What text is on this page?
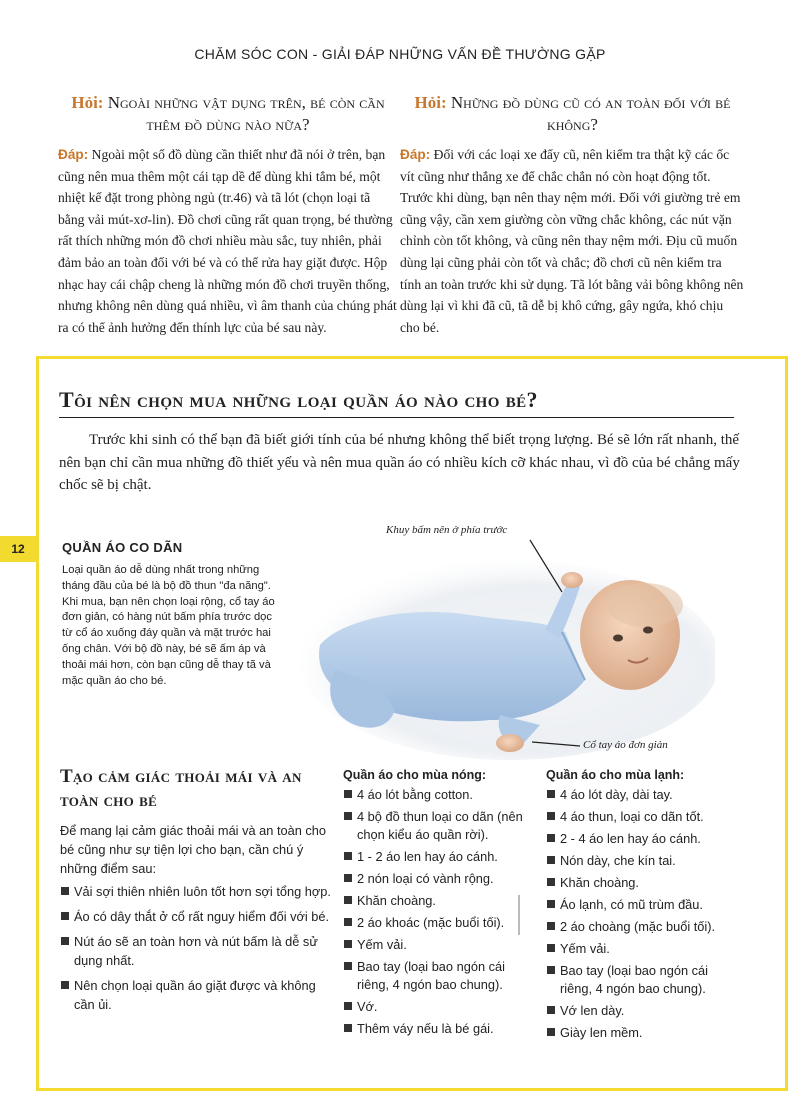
CHĂM SÓC CON - GIẢI ĐÁP NHỮNG VẤN ĐỀ THƯỜNG GẶP
Hỏi: Ngoài những vật dụng trên, bé còn cần thêm đồ dùng nào nữa?

Đáp: Ngoài một số đồ dùng cần thiết như đã nói ở trên, bạn cũng nên mua thêm một cái tạp dề để dùng khi tắm bé, một nhiệt kế đặt trong phòng ngủ (tr.46) và tã lót (chọn loại tã bằng vải mút-xơ-lin). Đồ chơi cũng rất quan trọng, bé thường rất thích những món đồ chơi nhiều màu sắc, tuy nhiên, phải đảm bảo an toàn đối với bé và có thể rửa hay giặt được. Hộp nhạc hay cái chập cheng là những món đồ chơi truyền thống, nhưng không nên dùng quá nhiều, vì âm thanh của chúng phát ra có thể ảnh hưởng đến thính lực của bé sau này.

Hỏi: Những đồ dùng cũ có an toàn đối với bé không?

Đáp: Đối với các loại xe đẩy cũ, nên kiểm tra thật kỹ các ốc vít cũng như thắng xe để chắc chắn nó còn hoạt động tốt. Trước khi dùng, bạn nên thay nệm mới. Đối với giường trẻ em cũng vậy, cần xem giường còn vững chắc không, các nút vặn chỉnh còn tốt không, và cũng nên thay nệm mới. Địu cũ muốn dùng lại cũng phải còn tốt và chắc; đồ chơi cũ nên kiểm tra tính an toàn trước khi sử dụng. Tã lót bằng vải bông không nên dùng lại vì khi đã cũ, tã dễ bị khô cứng, gây ngứa, khó chịu cho bé.

12
Tôi nên chọn mua những loại quần áo nào cho bé?

Trước khi sinh có thể bạn đã biết giới tính của bé nhưng không thể biết trọng lượng. Bé sẽ lớn rất nhanh, thế nên bạn chỉ cần mua những đồ thiết yếu và nên mua quần áo có nhiều kích cỡ khác nhau, vì đồ của bé chẳng mấy chốc sẽ bị chật.

QUẦN ÁO CO DÃN

Loại quần áo dễ dùng nhất trong những tháng đầu của bé là bộ đồ thun "đa năng". Khi mua, bạn nên chọn loại rộng, cổ tay áo đơn giản, có hàng nút bấm phía trước dọc từ cổ áo xuống đáy quần và mặt trước hai ống chân. Với bộ đồ này, bé sẽ ấm áp và thoải mái hơn, còn bạn cũng dễ thay tã và mặc quần áo cho bé.

Khuy bấm nên ở phía trước
Cổ tay áo đơn giản
Tạo cảm giác thoải mái và an toàn cho bé

Để mang lại cảm giác thoải mái và an toàn cho bé cũng như sự tiện lợi cho bạn, cần chú ý những điểm sau:

Vải sợi thiên nhiên luôn tốt hơn sợi tổng hợp.
Áo có dây thắt ở cổ rất nguy hiểm đối với bé.
Nút áo sẽ an toàn hơn và nút bấm là dễ sử dụng nhất.
Nên chọn loại quần áo giặt được và không cần ủi.
Quần áo cho mùa nóng:
4 áo lót bằng cotton.
4 bộ đồ thun loại co dãn (nên chọn kiểu áo quần rời).
1 - 2 áo len hay áo cánh.
2 nón loại có vành rộng.
Khăn choàng.
2 áo khoác (mặc buổi tối).
Yếm vải.
Bao tay (loại bao ngón cái riêng, 4 ngón bao chung).
Vớ.
Thêm váy nếu là bé gái.
Quần áo cho mùa lạnh:
4 áo lót dày, dài tay.
4 áo thun, loại co dãn tốt.
2 - 4 áo len hay áo cánh.
Nón dày, che kín tai.
Khăn choàng.
Áo lạnh, có mũ trùm đầu.
2 áo choàng (mặc buổi tối).
Yếm vải.
Bao tay (loại bao ngón cái riêng, 4 ngón bao chung).
Vớ len dày.
Giày len mềm.
